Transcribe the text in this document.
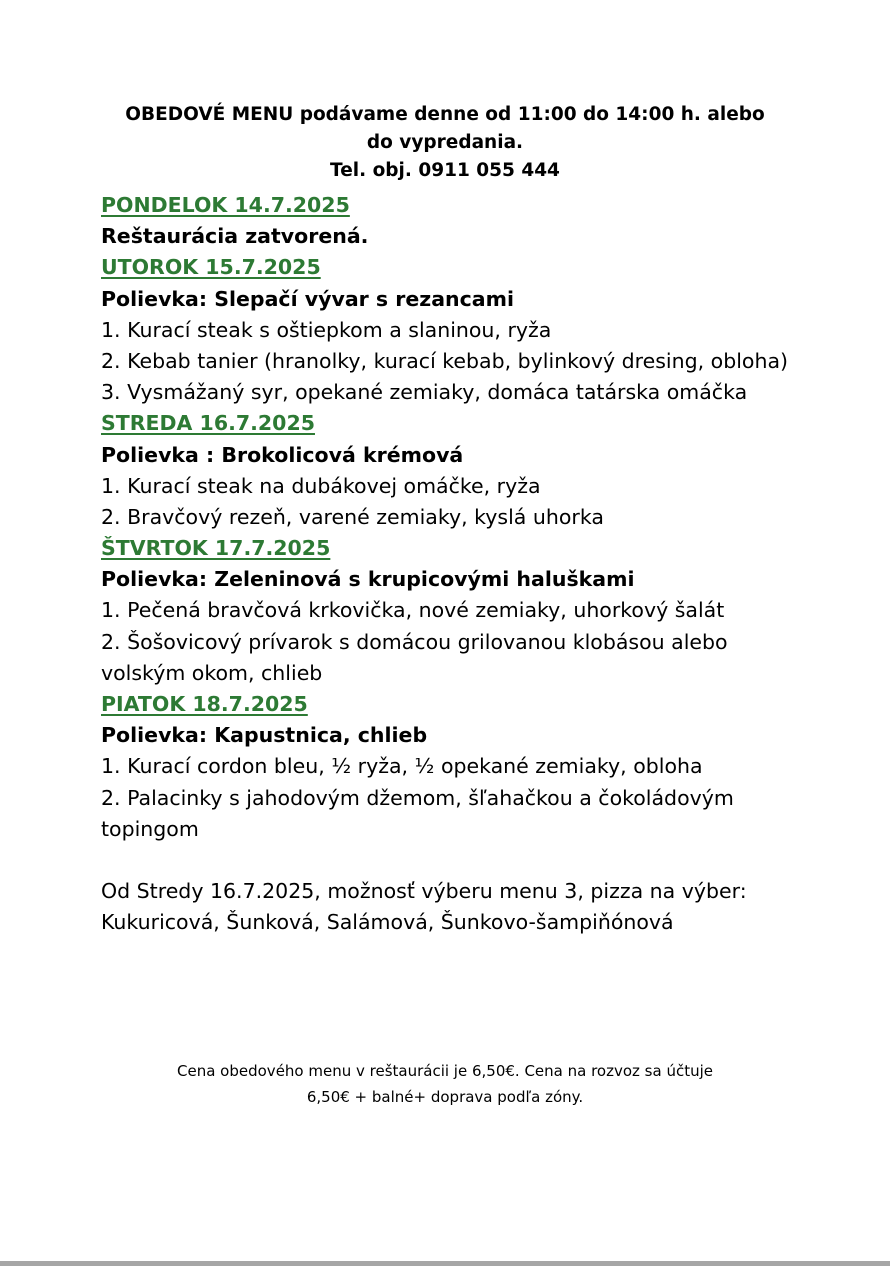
OBEDOVÉ MENU podávame denne od 11:00 do 14:00 h. alebo
do vypredania.
Tel. obj. 0911 055 444
PONDELOK 14.7.2025
Reštaurácia zatvorená.
UTOROK 15.7.2025
Polievka: Slepačí vývar s rezancami
1. Kurací steak s oštiepkom a slaninou, ryža
2. Kebab tanier (hranolky, kurací kebab, bylinkový dresing, obloha)
3. Vysmážaný syr, opekané zemiaky, domáca tatárska omáčka
STREDA 16.7.2025
Polievka : Brokolicová krémová
1. Kurací steak na dubákovej omáčke, ryža
2. Bravčový rezeň, varené zemiaky, kyslá uhorka
ŠTVRTOK 17.7.2025
Polievka: Zeleninová s krupicovými haluškami
1. Pečená bravčová krkovička, nové zemiaky, uhorkový šalát
2. Šošovicový prívarok s domácou grilovanou klobásou alebo
volským okom, chlieb
PIATOK 18.7.2025
Polievka: Kapustnica, chlieb
1. Kurací cordon bleu, ½ ryža, ½ opekané zemiaky, obloha
2. Palacinky s jahodovým džemom, šľahačkou a čokoládovým
topingom
Od Stredy 16.7.2025, možnosť výberu menu 3, pizza na výber:
Kukuricová, Šunková, Salámová, Šunkovo-šampiňónová
Cena obedového menu v reštaurácii je 6,50€. Cena na rozvoz sa účtuje
6,50€ + balné+ doprava podľa zóny.
